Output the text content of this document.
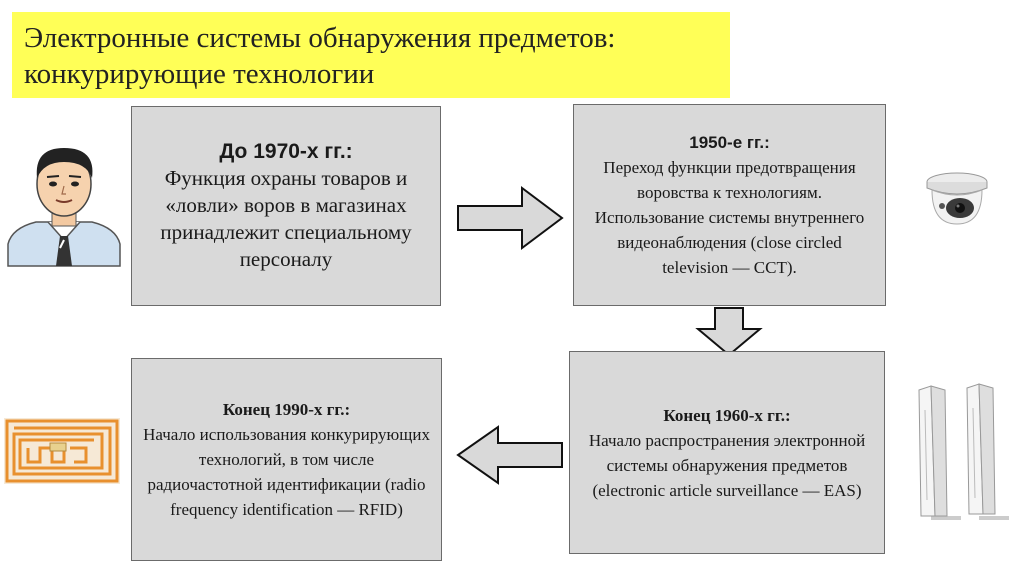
Электронные системы обнаружения предметов: конкурирующие технологии
До 1970-х гг.:
Функция охраны товаров и «ловли» воров в магазинах принадлежит специальному персоналу
1950-е гг.:
Переход функции предотвращения воровства к технологиям. Использование системы внутреннего видеонаблюдения (close circled television — CCT).
Конец 1960-х гг.:
Начало распространения электронной системы обнаружения предметов (electronic article surveillance — EAS)
Конец 1990-х гг.:
Начало использования конкурирующих технологий, в том числе радиочастотной идентификации (radio frequency identification — RFID)
